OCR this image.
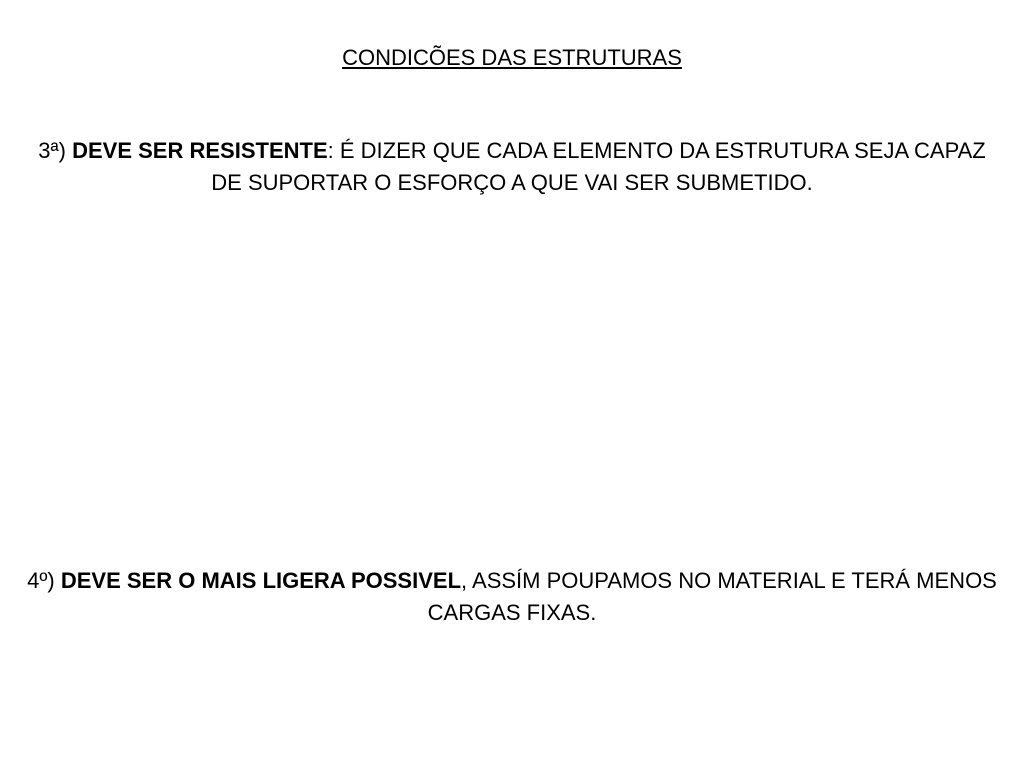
CONDICÕES DAS ESTRUTURAS
3ª) DEVE SER RESISTENTE: É DIZER QUE CADA ELEMENTO DA ESTRUTURA SEJA CAPAZ DE SUPORTAR O ESFORÇO A QUE VAI SER SUBMETIDO.
4º) DEVE SER O MAIS LIGERA POSSIVEL, ASSÍM POUPAMOS NO MATERIAL E TERÁ MENOS CARGAS FIXAS.
